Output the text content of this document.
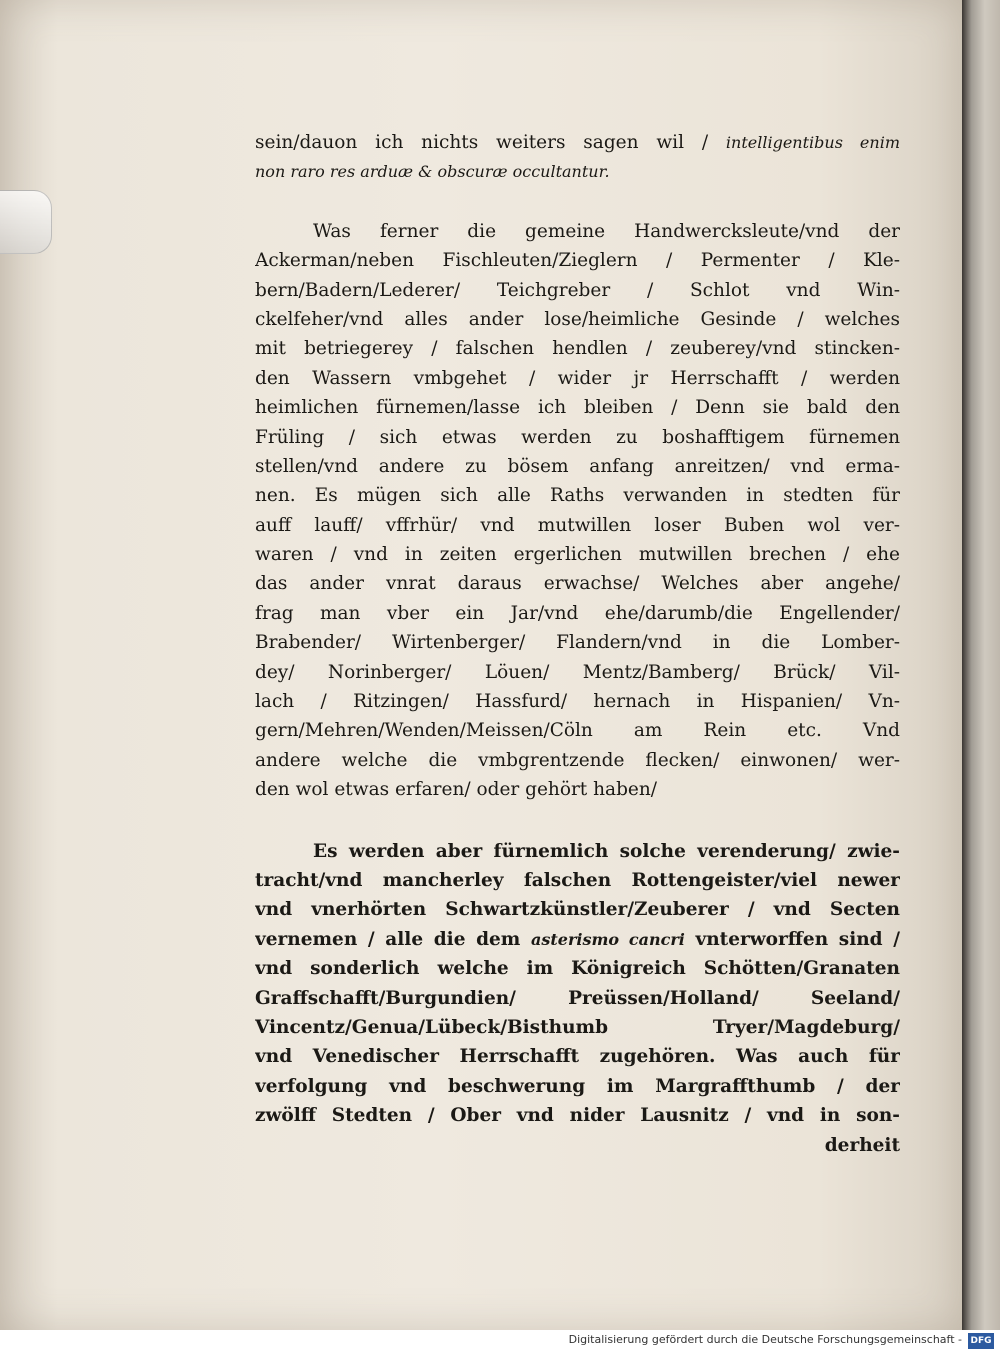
sein/dauon ich nichts weiters sagen wil / intelligentibus enim
non raro res arduæ & obscuræ occultantur.
Was ferner die gemeine Handwercksleute/vnd der
Ackerman/neben Fischleuten/Zieglern / Permenter / Kle-
bern/Badern/Lederer/ Teichgreber / Schlot vnd Win-
ckelfeher/vnd alles ander lose/heimliche Gesinde / welches
mit betriegerey / falschen hendlen / zeuberey/vnd stincken-
den Wassern vmbgehet / wider jr Herrschafft / werden
heimlichen fürnemen/lasse ich bleiben / Denn sie bald den
Früling / sich etwas werden zu boshafftigem fürnemen
stellen/vnd andere zu bösem anfang anreitzen/ vnd erma-
nen. Es mügen sich alle Raths verwanden in stedten für
auff lauff/ vffrhür/ vnd mutwillen loser Buben wol ver-
waren / vnd in zeiten ergerlichen mutwillen brechen / ehe
das ander vnrat daraus erwachse/ Welches aber angehe/
frag man vber ein Jar/vnd ehe/darumb/die Engellender/
Brabender/ Wirtenberger/ Flandern/vnd in die Lomber-
dey/ Norinberger/ Löuen/ Mentz/Bamberg/ Brück/ Vil-
lach / Ritzingen/ Hassfurd/ hernach in Hispanien/ Vn-
gern/Mehren/Wenden/Meissen/Cöln am Rein etc. Vnd
andere welche die vmbgrentzende flecken/ einwonen/ wer-
den wol etwas erfaren/ oder gehört haben/
Es werden aber fürnemlich solche verenderung/ zwie-
tracht/vnd mancherley falschen Rottengeister/viel newer
vnd vnerhörten Schwartzkünstler/Zeuberer / vnd Secten
vernemen / alle die dem asterismo cancri vnterworffen sind /
vnd sonderlich welche im Königreich Schötten/Granaten
Graffschafft/Burgundien/ Preüssen/Holland/ Seeland/
Vincentz/Genua/Lübeck/Bisthumb Tryer/Magdeburg/
vnd Venedischer Herrschafft zugehören. Was auch für
verfolgung vnd beschwerung im Margraffthumb / der
zwölff Stedten / Ober vnd nider Lausnitz / vnd in son-
derheit
Digitalisierung gefördert durch die Deutsche Forschungsgemeinschaft - DFG
